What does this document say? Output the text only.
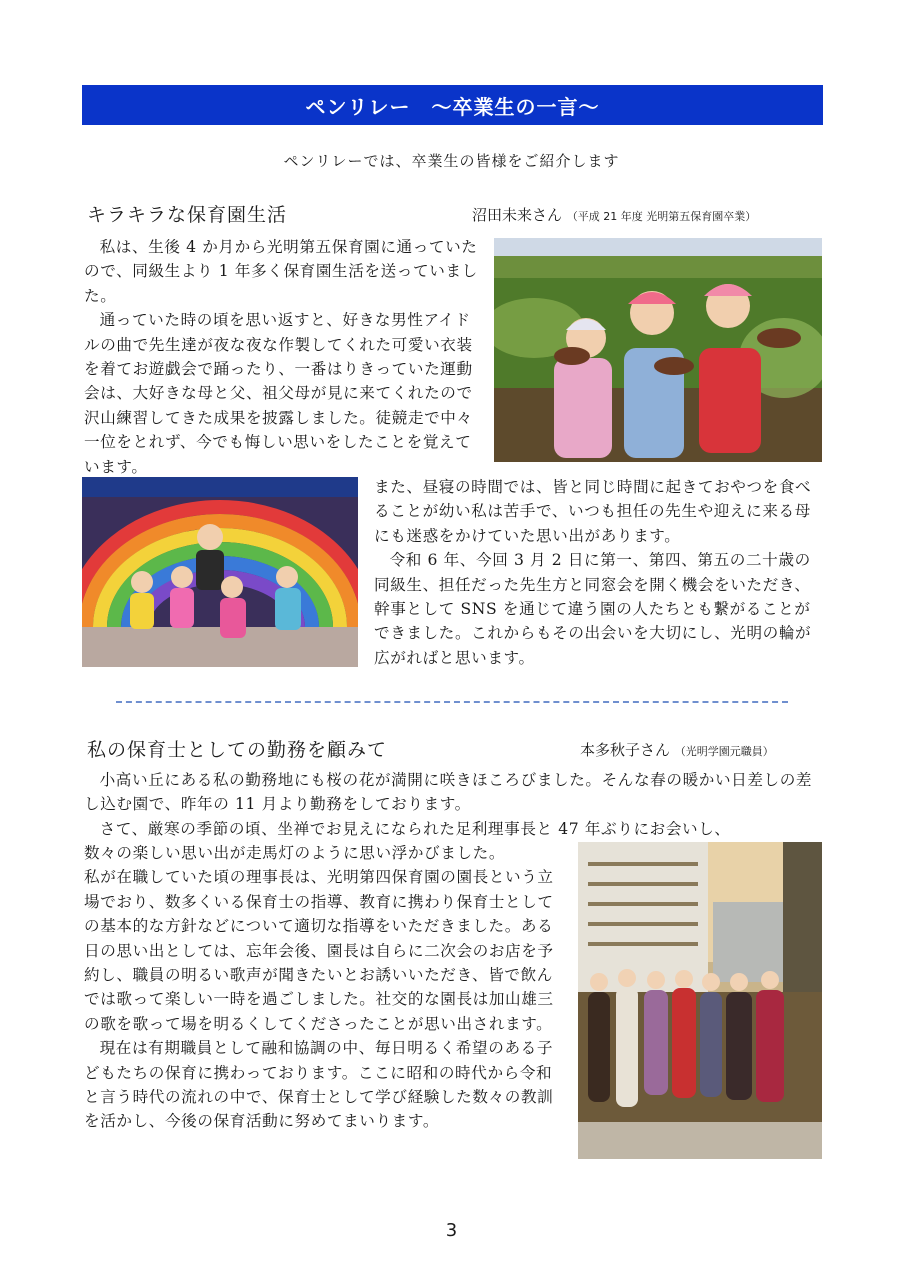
ペンリレー　～卒業生の一言～
ペンリレーでは、卒業生の皆様をご紹介します
キラキラな保育園生活	沼田未来さん （平成 21 年度 光明第五保育園卒業）

私は、生後 4 か月から光明第五保育園に通っていたので、同級生より 1 年多く保育園生活を送っていました。

通っていた時の頃を思い返すと、好きな男性アイドルの曲で先生達が夜な夜な作製してくれた可愛い衣装を着てお遊戯会で踊ったり、一番はりきっていた運動会は、大好きな母と父、祖父母が見に来てくれたので沢山練習してきた成果を披露しました。徒競走で中々一位をとれず、今でも悔しい思いをしたことを覚えています。

また、昼寝の時間では、皆と同じ時間に起きておやつを食べることが幼い私は苦手で、いつも担任の先生や迎えに来る母にも迷惑をかけていた思い出があります。

令和 6 年、今回 3 月 2 日に第一、第四、第五の二十歳の同級生、担任だった先生方と同窓会を開く機会をいただき、幹事として SNS を通じて違う園の人たちとも繋がることができました。これからもその出会いを大切にし、光明の輪が広がればと思います。

私の保育士としての勤務を顧みて	本多秋子さん （光明学園元職員）

小高い丘にある私の勤務地にも桜の花が満開に咲きほころびました。そんな春の暖かい日差しの差し込む園で、昨年の 11 月より勤務をしております。

さて、厳寒の季節の頃、坐禅でお見えになられた足利理事長と 47 年ぶりにお会いし、

数々の楽しい思い出が走馬灯のように思い浮かびました。

私が在職していた頃の理事長は、光明第四保育園の園長という立場でおり、数多くいる保育士の指導、教育に携わり保育士としての基本的な方針などについて適切な指導をいただきました。ある日の思い出としては、忘年会後、園長は自らに二次会のお店を予約し、職員の明るい歌声が聞きたいとお誘いいただき、皆で飲んでは歌って楽しい一時を過ごしました。社交的な園長は加山雄三の歌を歌って場を明るくしてくださったことが思い出されます。

現在は有期職員として融和協調の中、毎日明るく希望のある子どもたちの保育に携わっております。ここに昭和の時代から令和と言う時代の流れの中で、保育士として学び経験した数々の教訓を活かし、今後の保育活動に努めてまいります。

3
